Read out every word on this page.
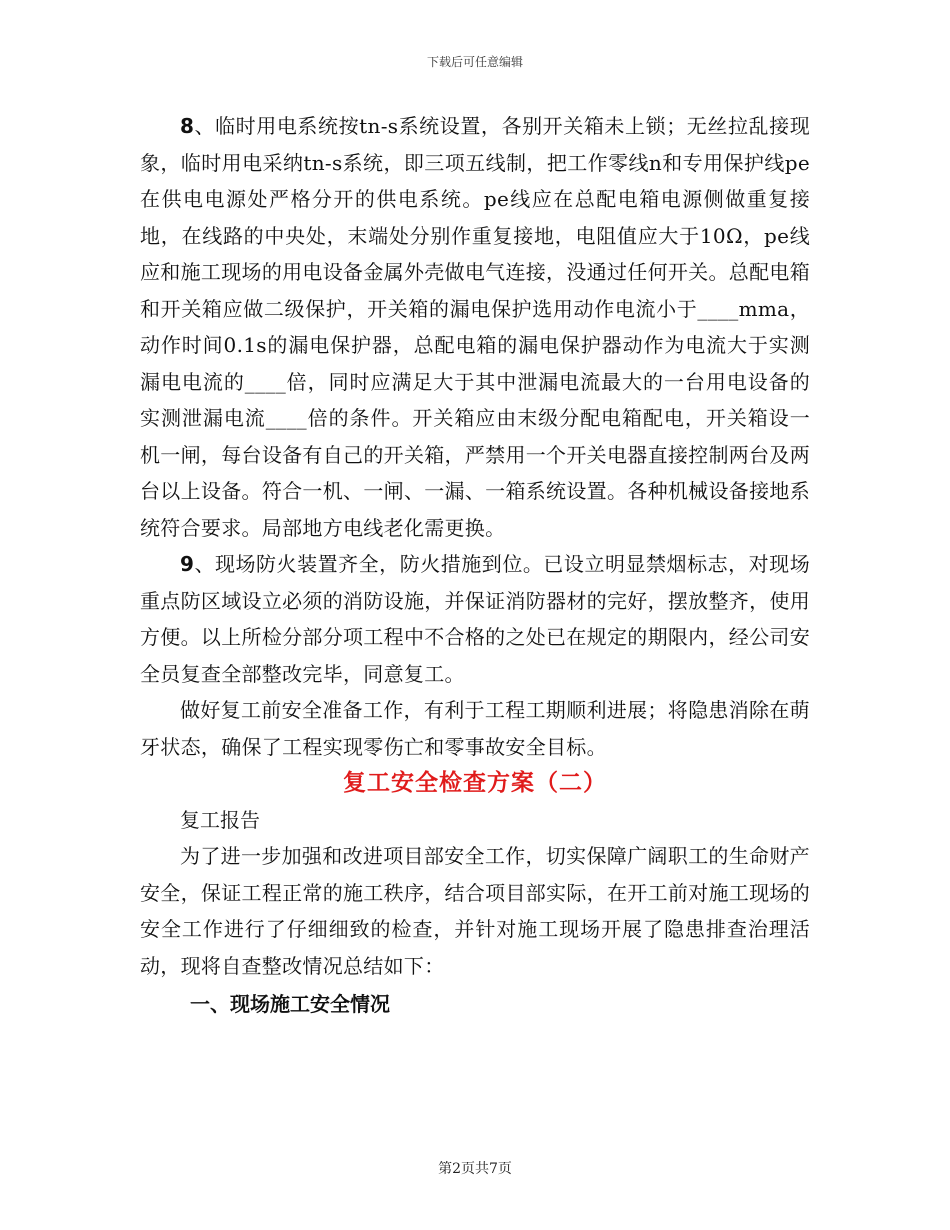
下载后可任意编辑

8、临时用电系统按tn-s系统设置，各别开关箱未上锁；无丝拉乱接现象，临时用电采纳tn-s系统，即三项五线制，把工作零线n和专用保护线pe在供电电源处严格分开的供电系统。pe线应在总配电箱电源侧做重复接地，在线路的中央处，末端处分别作重复接地，电阻值应大于10Ω，pe线应和施工现场的用电设备金属外壳做电气连接，没通过任何开关。总配电箱和开关箱应做二级保护，开关箱的漏电保护选用动作电流小于____mma，动作时间0.1s的漏电保护器，总配电箱的漏电保护器动作为电流大于实测漏电电流的____倍，同时应满足大于其中泄漏电流最大的一台用电设备的实测泄漏电流____倍的条件。开关箱应由末级分配电箱配电，开关箱设一机一闸，每台设备有自己的开关箱，严禁用一个开关电器直接控制两台及两台以上设备。符合一机、一闸、一漏、一箱系统设置。各种机械设备接地系统符合要求。局部地方电线老化需更换。

9、现场防火装置齐全，防火措施到位。已设立明显禁烟标志，对现场重点防区域设立必须的消防设施，并保证消防器材的完好，摆放整齐，使用方便。以上所检分部分项工程中不合格的之处已在规定的期限内，经公司安全员复查全部整改完毕，同意复工。

做好复工前安全准备工作，有利于工程工期顺利进展；将隐患消除在萌牙状态，确保了工程实现零伤亡和零事故安全目标。

复工安全检查方案（二）

复工报告

为了进一步加强和改进项目部安全工作，切实保障广阔职工的生命财产安全，保证工程正常的施工秩序，结合项目部实际，在开工前对施工现场的安全工作进行了仔细细致的检查，并针对施工现场开展了隐患排查治理活动，现将自查整改情况总结如下：

一、现场施工安全情况
第2页共7页
